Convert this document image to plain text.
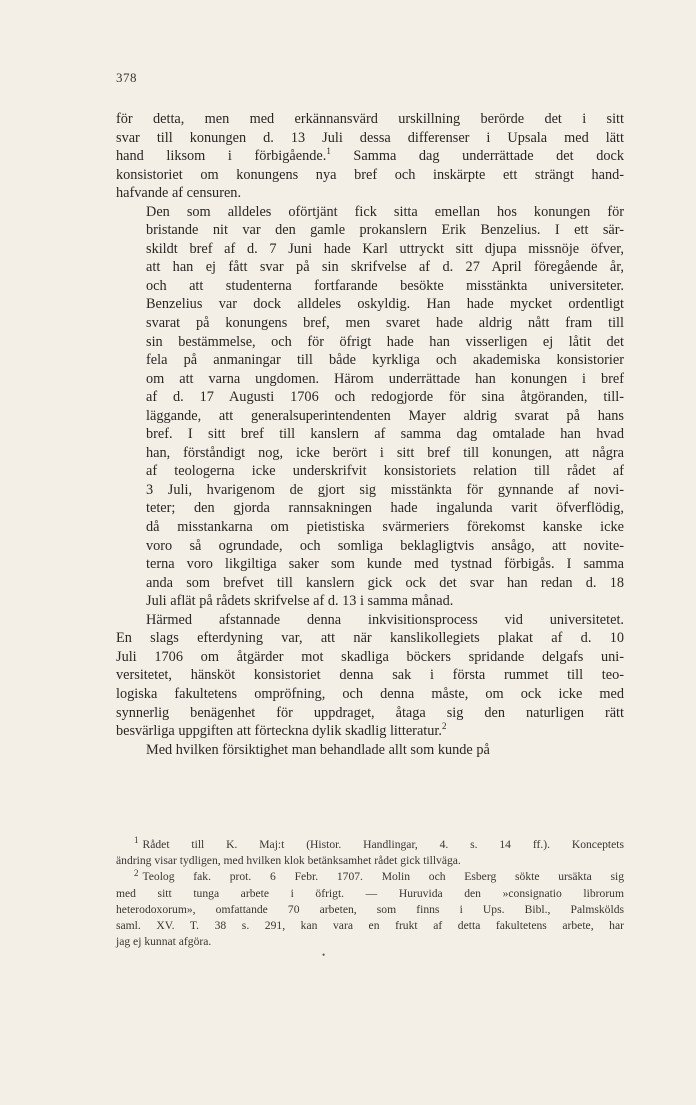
378

för detta, men med erkännansvärd urskillning berörde det i sitt
svar till konungen d. 13 Juli dessa differenser i Upsala med lätt
hand liksom i förbigående.$^1$ Samma dag underrättade det dock
konsistoriet om konungens nya bref och inskärpte ett strängt hand-
hafvande af censuren.

Den som alldeles oförtjänt fick sitta emellan hos konungen för
bristande nit var den gamle prokanslern Erik Benzelius. I ett sär-
skildt bref af d. 7 Juni hade Karl uttryckt sitt djupa missnöje öfver,
att han ej fått svar på sin skrifvelse af d. 27 April föregående år,
och att studenterna fortfarande besökte misstänkta universiteter.
Benzelius var dock alldeles oskyldig. Han hade mycket ordentligt
svarat på konungens bref, men svaret hade aldrig nått fram till
sin bestämmelse, och för öfrigt hade han visserligen ej låtit det
fela på anmaningar till både kyrkliga och akademiska konsistorier
om att varna ungdomen. Härom underrättade han konungen i bref
af d. 17 Augusti 1706 och redogjorde för sina åtgöranden, till-
läggande, att generalsuperintendenten Mayer aldrig svarat på hans
bref. I sitt bref till kanslern af samma dag omtalade han hvad
han, förståndigt nog, icke berört i sitt bref till konungen, att några
af teologerna icke underskrifvit konsistoriets relation till rådet af
3 Juli, hvarigenom de gjort sig misstänkta för gynnande af novi-
teter; den gjorda rannsakningen hade ingalunda varit öfverflödig,
då misstankarna om pietistiska svärmeriers förekomst kanske icke
voro så ogrundade, och somliga beklagligtvis ansågo, att novite-
terna voro likgiltiga saker som kunde med tystnad förbigås. I samma
anda som brefvet till kanslern gick ock det svar han redan d. 18
Juli aflät på rådets skrifvelse af d. 13 i samma månad.

Härmed afstannade denna inkvisitionsprocess vid universitetet.
En slags efterdyning var, att när kanslikollegiets plakat af d. 10
Juli 1706 om åtgärder mot skadliga böckers spridande delgafs uni-
versitetet, hänsköt konsistoriet denna sak i första rummet till teo-
logiska fakultetens ompröfning, och denna måste, om ock icke med
synnerlig benägenhet för uppdraget, åtaga sig den naturligen rätt
besvärliga uppgiften att förteckna dylik skadlig litteratur.$^2$

Med hvilken försiktighet man behandlade allt som kunde på

$^1$ Rådet till K. Maj:t (Histor. Handlingar, 4. s. 14 ff.). Konceptets
ändring visar tydligen, med hvilken klok betänksamhet rådet gick tillväga.
$^2$ Teolog fak. prot. 6 Febr. 1707. Molin och Esberg sökte ursäkta sig
med sitt tunga arbete i öfrigt. — Huruvida den »consignatio librorum
heterodoxorum», omfattande 70 arbeten, som finns i Ups. Bibl., Palmskölds
saml. XV. T. 38 s. 291, kan vara en frukt af detta fakultetens arbete, har
jag ej kunnat afgöra.
•
